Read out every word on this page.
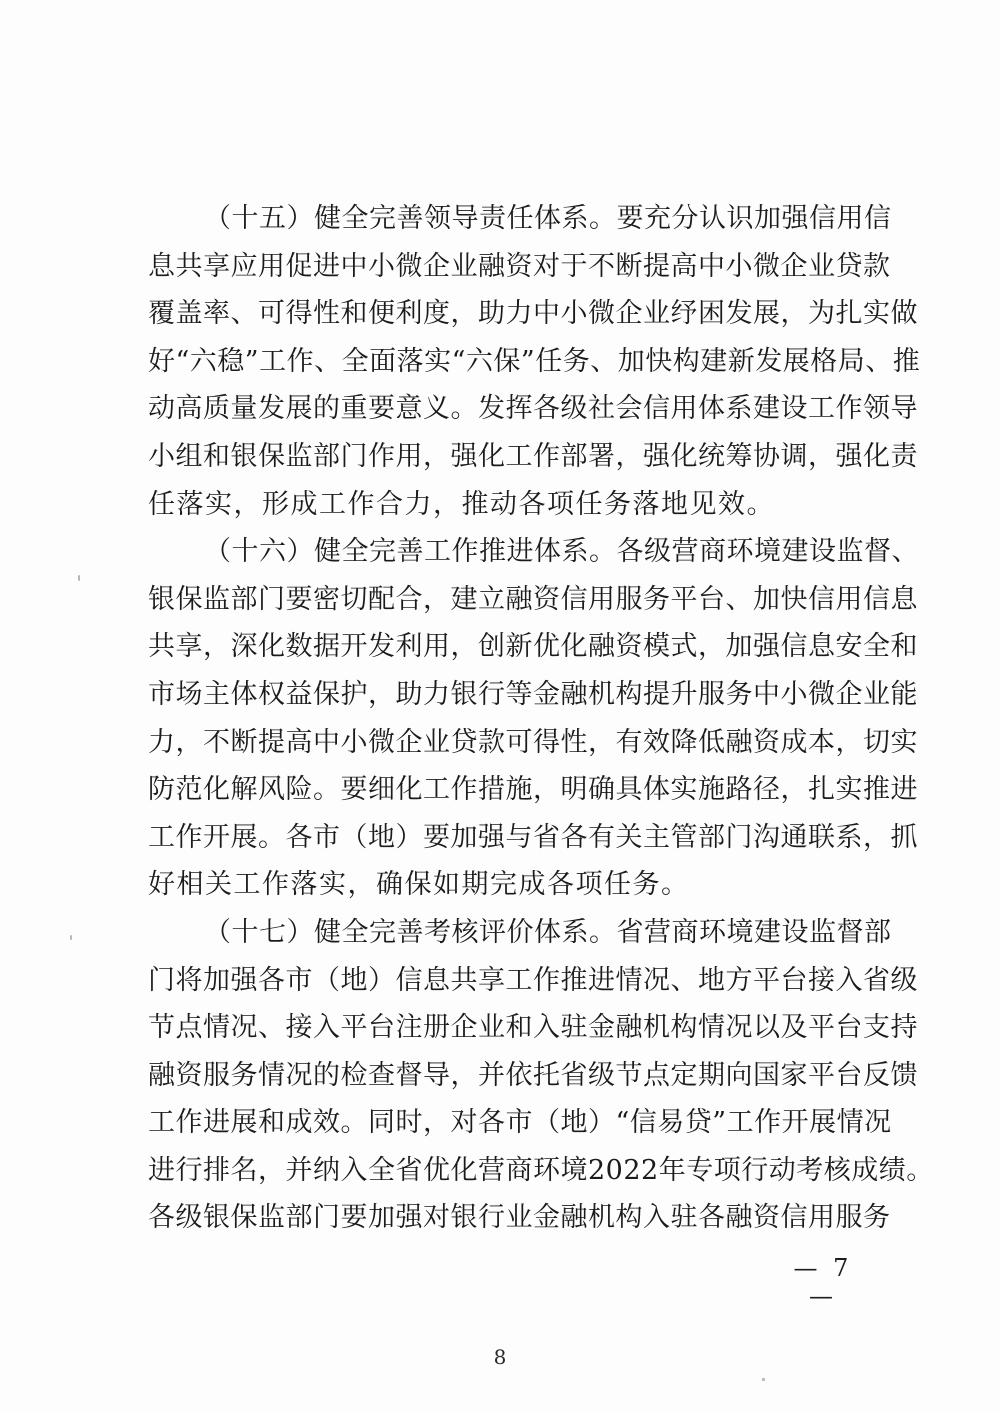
（十五）健全完善领导责任体系。要充分认识加强信用信
息共享应用促进中小微企业融资对于不断提高中小微企业贷款
覆盖率、可得性和便利度，助力中小微企业纾困发展，为扎实做
好“六稳”工作、全面落实“六保”任务、加快构建新发展格局、推
动高质量发展的重要意义。发挥各级社会信用体系建设工作领导
小组和银保监部门作用，强化工作部署，强化统筹协调，强化责
任落实，形成工作合力，推动各项任务落地见效。
（十六）健全完善工作推进体系。各级营商环境建设监督、
银保监部门要密切配合，建立融资信用服务平台、加快信用信息
共享，深化数据开发利用，创新优化融资模式，加强信息安全和
市场主体权益保护，助力银行等金融机构提升服务中小微企业能
力，不断提高中小微企业贷款可得性，有效降低融资成本，切实
防范化解风险。要细化工作措施，明确具体实施路径，扎实推进
工作开展。各市（地）要加强与省各有关主管部门沟通联系，抓
好相关工作落实，确保如期完成各项任务。
（十七）健全完善考核评价体系。省营商环境建设监督部
门将加强各市（地）信息共享工作推进情况、地方平台接入省级
节点情况、接入平台注册企业和入驻金融机构情况以及平台支持
融资服务情况的检查督导，并依托省级节点定期向国家平台反馈
工作进展和成效。同时，对各市（地）“信易贷”工作开展情况
进行排名，并纳入全省优化营商环境2022年专项行动考核成绩。
各级银保监部门要加强对银行业金融机构入驻各融资信用服务
— 7 —
8
